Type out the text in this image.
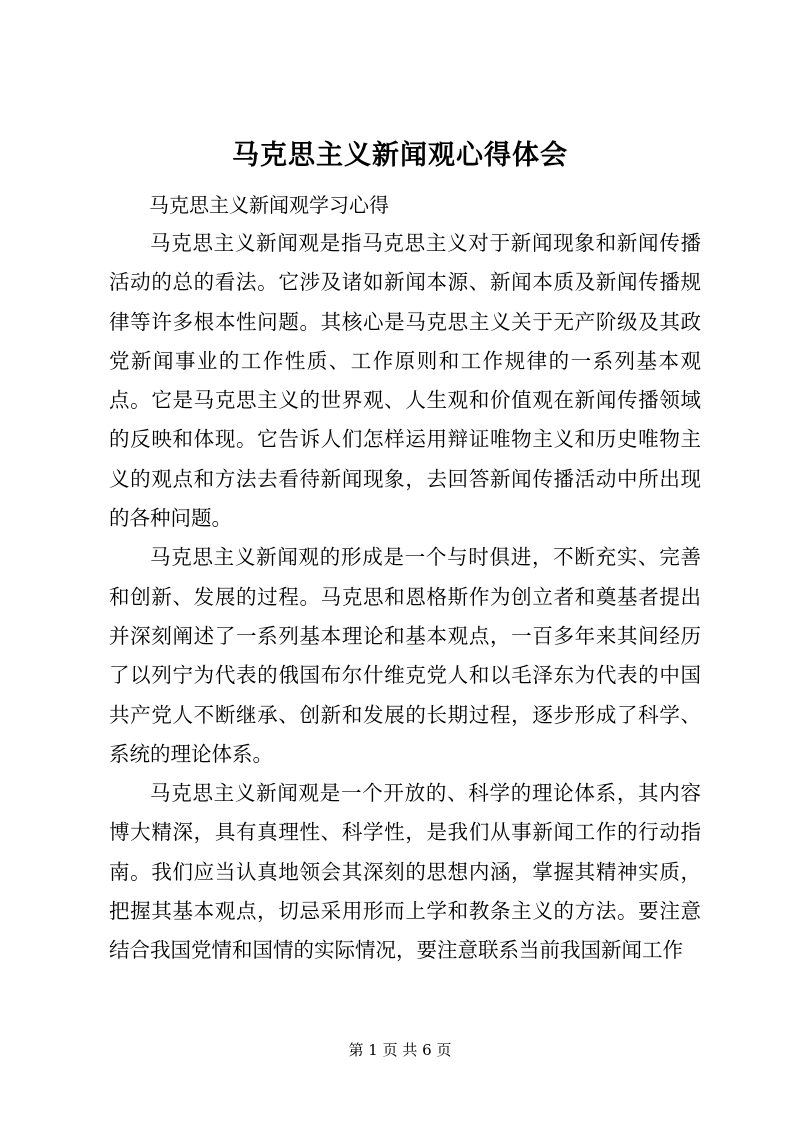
马克思主义新闻观心得体会
马克思主义新闻观学习心得

马克思主义新闻观是指马克思主义对于新闻现象和新闻传播活动的总的看法。它涉及诸如新闻本源、新闻本质及新闻传播规律等许多根本性问题。其核心是马克思主义关于无产阶级及其政党新闻事业的工作性质、工作原则和工作规律的一系列基本观点。它是马克思主义的世界观、人生观和价值观在新闻传播领域的反映和体现。它告诉人们怎样运用辩证唯物主义和历史唯物主义的观点和方法去看待新闻现象，去回答新闻传播活动中所出现的各种问题。

马克思主义新闻观的形成是一个与时俱进，不断充实、完善和创新、发展的过程。马克思和恩格斯作为创立者和奠基者提出并深刻阐述了一系列基本理论和基本观点，一百多年来其间经历了以列宁为代表的俄国布尔什维克党人和以毛泽东为代表的中国共产党人不断继承、创新和发展的长期过程，逐步形成了科学、系统的理论体系。

马克思主义新闻观是一个开放的、科学的理论体系，其内容博大精深，具有真理性、科学性，是我们从事新闻工作的行动指南。我们应当认真地领会其深刻的思想内涵，掌握其精神实质，把握其基本观点，切忌采用形而上学和教条主义的方法。要注意结合我国党情和国情的实际情况，要注意联系当前我国新闻工作

第 1 页 共 6 页
